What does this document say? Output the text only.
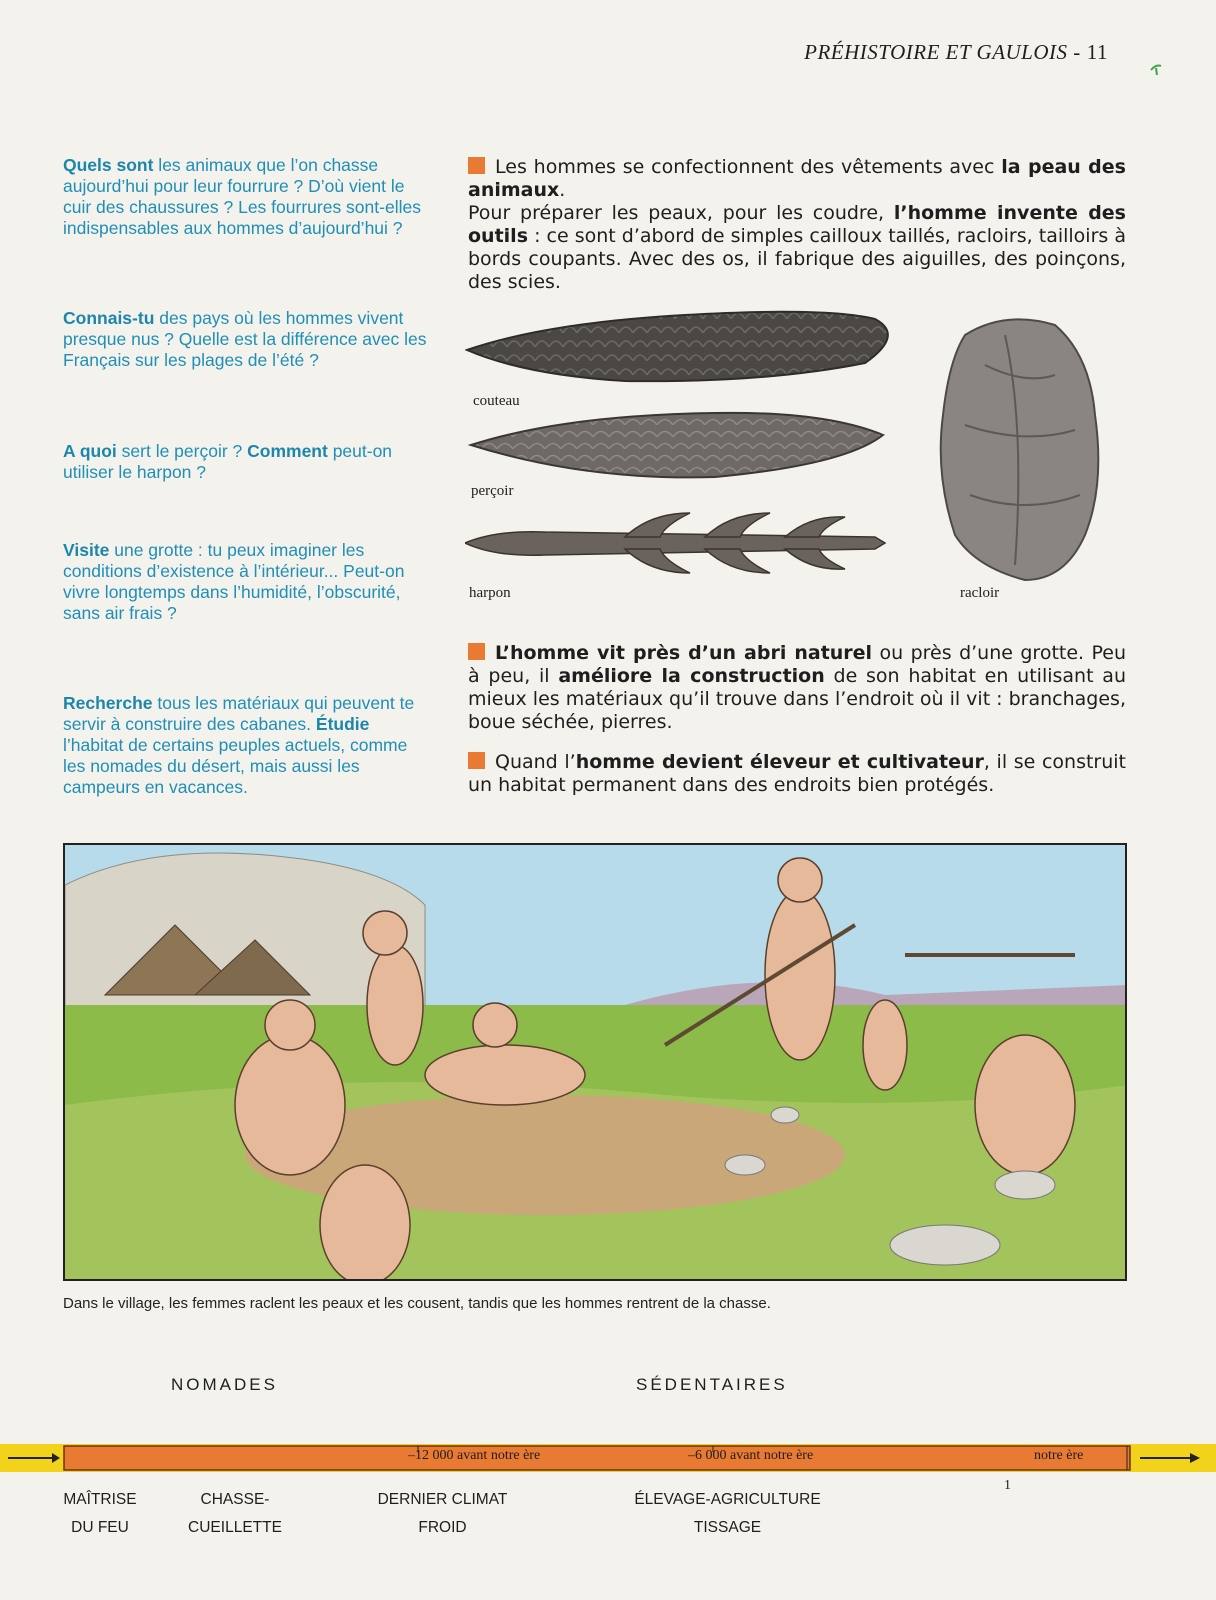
PRÉHISTOIRE ET GAULOIS - 11
Quels sont les animaux que l’on chasse aujourd’hui pour leur fourrure ? D’où vient le cuir des chaussures ? Les fourrures sont-elles indispensables aux hommes d’aujourd’hui ?
Connais-tu des pays où les hommes vivent presque nus ? Quelle est la différence avec les Français sur les plages de l’été ?
A quoi sert le perçoir ? Comment peut-on utiliser le harpon ?
Visite une grotte : tu peux imaginer les conditions d’existence à l’intérieur... Peut-on vivre longtemps dans l’humidité, l’obscurité, sans air frais ?
Recherche tous les matériaux qui peuvent te servir à construire des cabanes. Étudie l’habitat de certains peuples actuels, comme les nomades du désert, mais aussi les campeurs en vacances.
Les hommes se confectionnent des vêtements avec la peau des animaux.
Pour préparer les peaux, pour les coudre, l’homme invente des outils : ce sont d’abord de simples cailloux taillés, racloirs, tailloirs à bords coupants. Avec des os, il fabrique des aiguilles, des poinçons, des scies.
couteau
perçoir
harpon	racloir
L’homme vit près d’un abri naturel ou près d’une grotte. Peu à peu, il améliore la construction de son habitat en utilisant au mieux les matériaux qu’il trouve dans l’endroit où il vit : branchages, boue séchée, pierres.
Quand l’homme devient éleveur et cultivateur, il se construit un habitat permanent dans des endroits bien protégés.
Dans le village, les femmes raclent les peaux et les cousent, tandis que les hommes rentrent de la chasse.
NOMADES	SÉDENTAIRES
–12 000 avant notre ère	–6 000 avant notre ère	notre ère
1
MAÎTRISE
DU FEU
CHASSE-
CUEILLETTE
DERNIER CLIMAT
FROID
ÉLEVAGE-AGRICULTURE
TISSAGE
